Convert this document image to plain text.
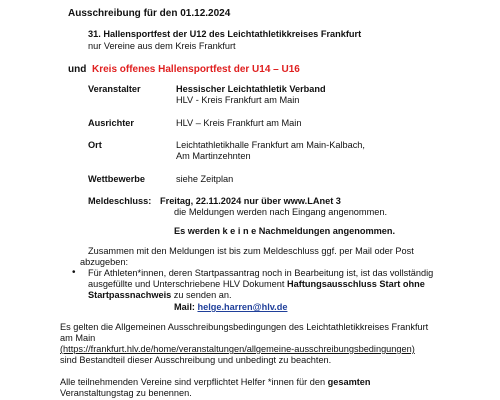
Ausschreibung für den 01.12.2024
31. Hallensportfest der U12 des Leichtathletikkreises Frankfurt
nur Vereine aus dem Kreis Frankfurt
und Kreis offenes Hallensportfest der U14 – U16
Veranstalter	Hessischer Leichtathletik Verband
HLV - Kreis Frankfurt am Main
Ausrichter	HLV – Kreis Frankfurt am Main
Ort	Leichtathletikhalle Frankfurt am Main-Kalbach,
Am Martinzehnten
Wettbewerbe	siehe Zeitplan
Meldeschluss: Freitag, 22.11.2024 nur über www.LAnet 3
die Meldungen werden nach Eingang angenommen.
Es werden k e i n e Nachmeldungen angenommen.
Zusammen mit den Meldungen ist bis zum Meldeschluss ggf. per Mail oder Post
abzugeben:
• Für Athleten*innen, deren Startpassantrag noch in Bearbeitung ist, ist das vollständig
ausgefüllte und Unterschriebene HLV Dokument Haftungsausschluss Start ohne
Startpassnachweis zu senden an.
Mail: helge.harren@hlv.de
Es gelten die Allgemeinen Ausschreibungsbedingungen des Leichtathletikkreises Frankfurt
am Main
(https://frankfurt.hlv.de/home/veranstaltungen/allgemeine-ausschreibungsbedingungen)
sind Bestandteil dieser Ausschreibung und unbedingt zu beachten.
Alle teilnehmenden Vereine sind verpflichtet Helfer *innen für den gesamten
Veranstaltungstag zu benennen.
